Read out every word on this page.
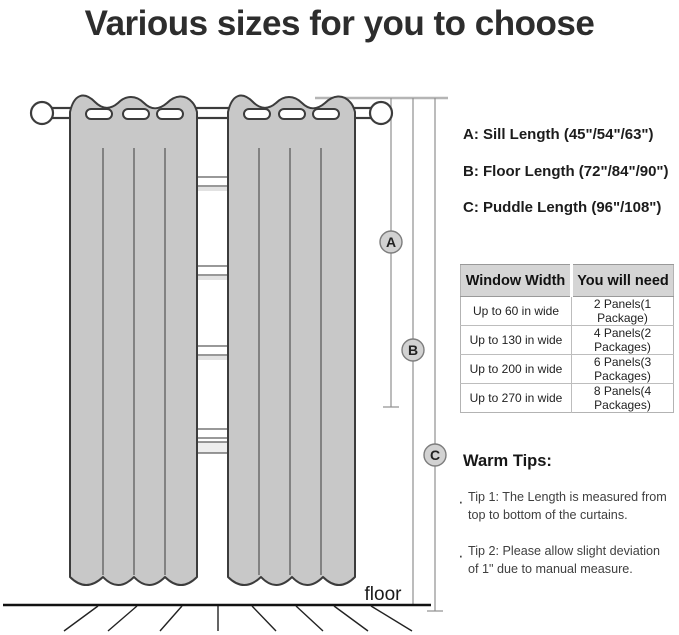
Various sizes for you to choose
floor
A
B
C
A: Sill Length (45"/54"/63")
B: Floor Length (72"/84"/90")
C: Puddle Length (96"/108")
Window Width	You will need
Up to 60 in wide	2 Panels(1 Package)
Up to 130 in wide	4 Panels(2 Packages)
Up to 200 in wide	6 Panels(3 Packages)
Up to 270 in wide	8 Panels(4 Packages)
Warm Tips:
· Tip 1: The Length is measured from top to bottom of the curtains.
· Tip 2: Please allow slight deviation of 1" due to manual measure.
